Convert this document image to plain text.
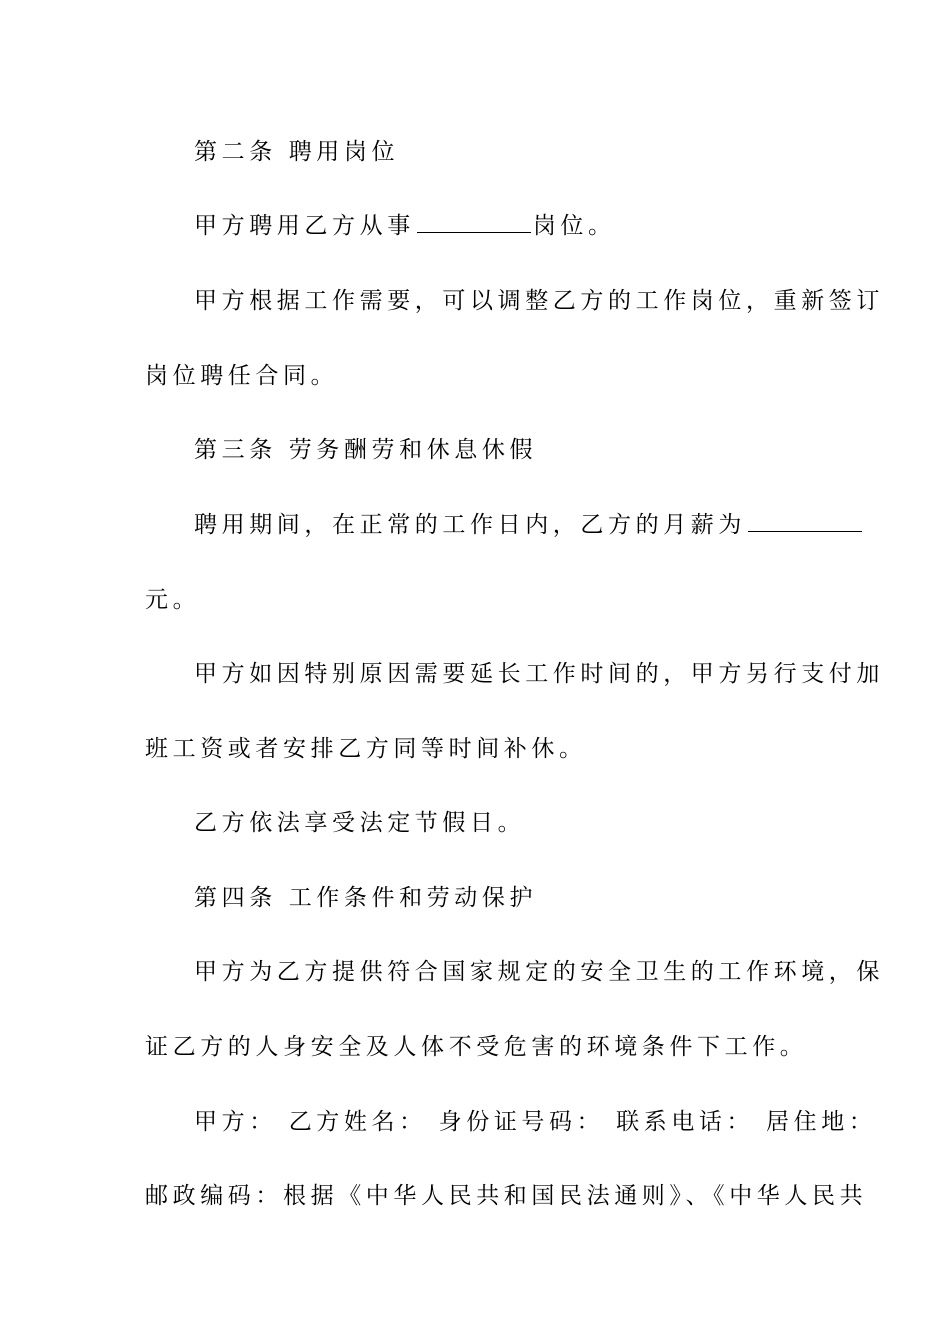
第二条 聘用岗位
甲方聘用乙方从事	岗位。
甲方根据工作需要，可以调整乙方的工作岗位，重新签订
岗位聘任合同。
第三条 劳务酬劳和休息休假
聘用期间，在正常的工作日内，乙方的月薪为
元。
甲方如因特别原因需要延长工作时间的，甲方另行支付加
班工资或者安排乙方同等时间补休。
乙方依法享受法定节假日。
第四条 工作条件和劳动保护
甲方为乙方提供符合国家规定的安全卫生的工作环境，保
证乙方的人身安全及人体不受危害的环境条件下工作。
甲方： 乙方姓名： 身份证号码： 联系电话： 居住地：
邮政编码：根据《中华人民共和国民法通则》、《中华人民共
